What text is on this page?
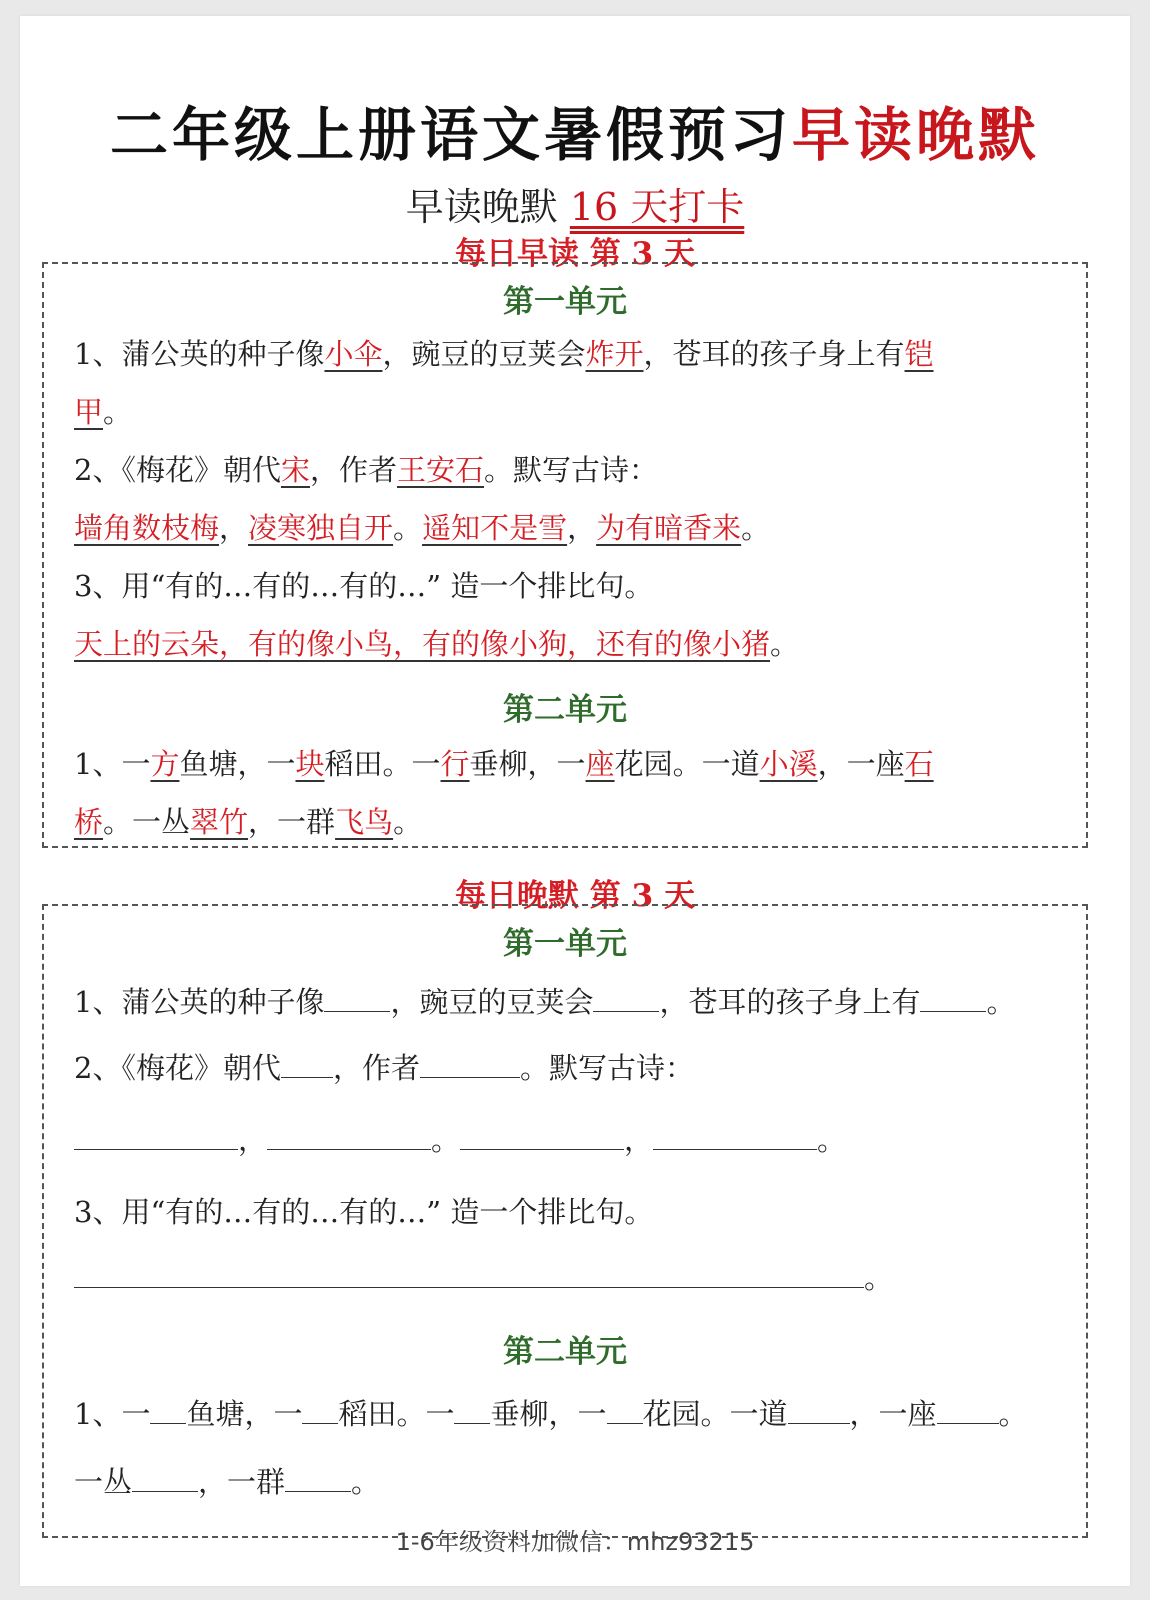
二年级上册语文暑假预习早读晚默
早读晚默 16 天打卡
每日早读 第 3 天
第一单元
1、蒲公英的种子像小伞，豌豆的豆荚会炸开，苍耳的孩子身上有铠
甲。
2、《梅花》朝代宋，作者王安石。默写古诗：
墙角数枝梅，凌寒独自开。遥知不是雪，为有暗香来。
3、用“有的…有的…有的…” 造一个排比句。
天上的云朵，有的像小鸟，有的像小狗，还有的像小猪。
第二单元
1、一方鱼塘，一块稻田。一行垂柳，一座花园。一道小溪，一座石
桥。一丛翠竹，一群飞鸟。
每日晚默 第 3 天
第一单元
1、蒲公英的种子像 ，豌豆的豆荚会 ，苍耳的孩子身上有 。
2、《梅花》朝代 ，作者	。默写古诗：
，	。	，	。
3、用“有的…有的…有的…” 造一个排比句。
。
第二单元
1、一 鱼塘，一 稻田。一 垂柳，一 花园。一道 ，一座 。
一丛 ，一群 。
1-6年级资料加微信：mhz93215
